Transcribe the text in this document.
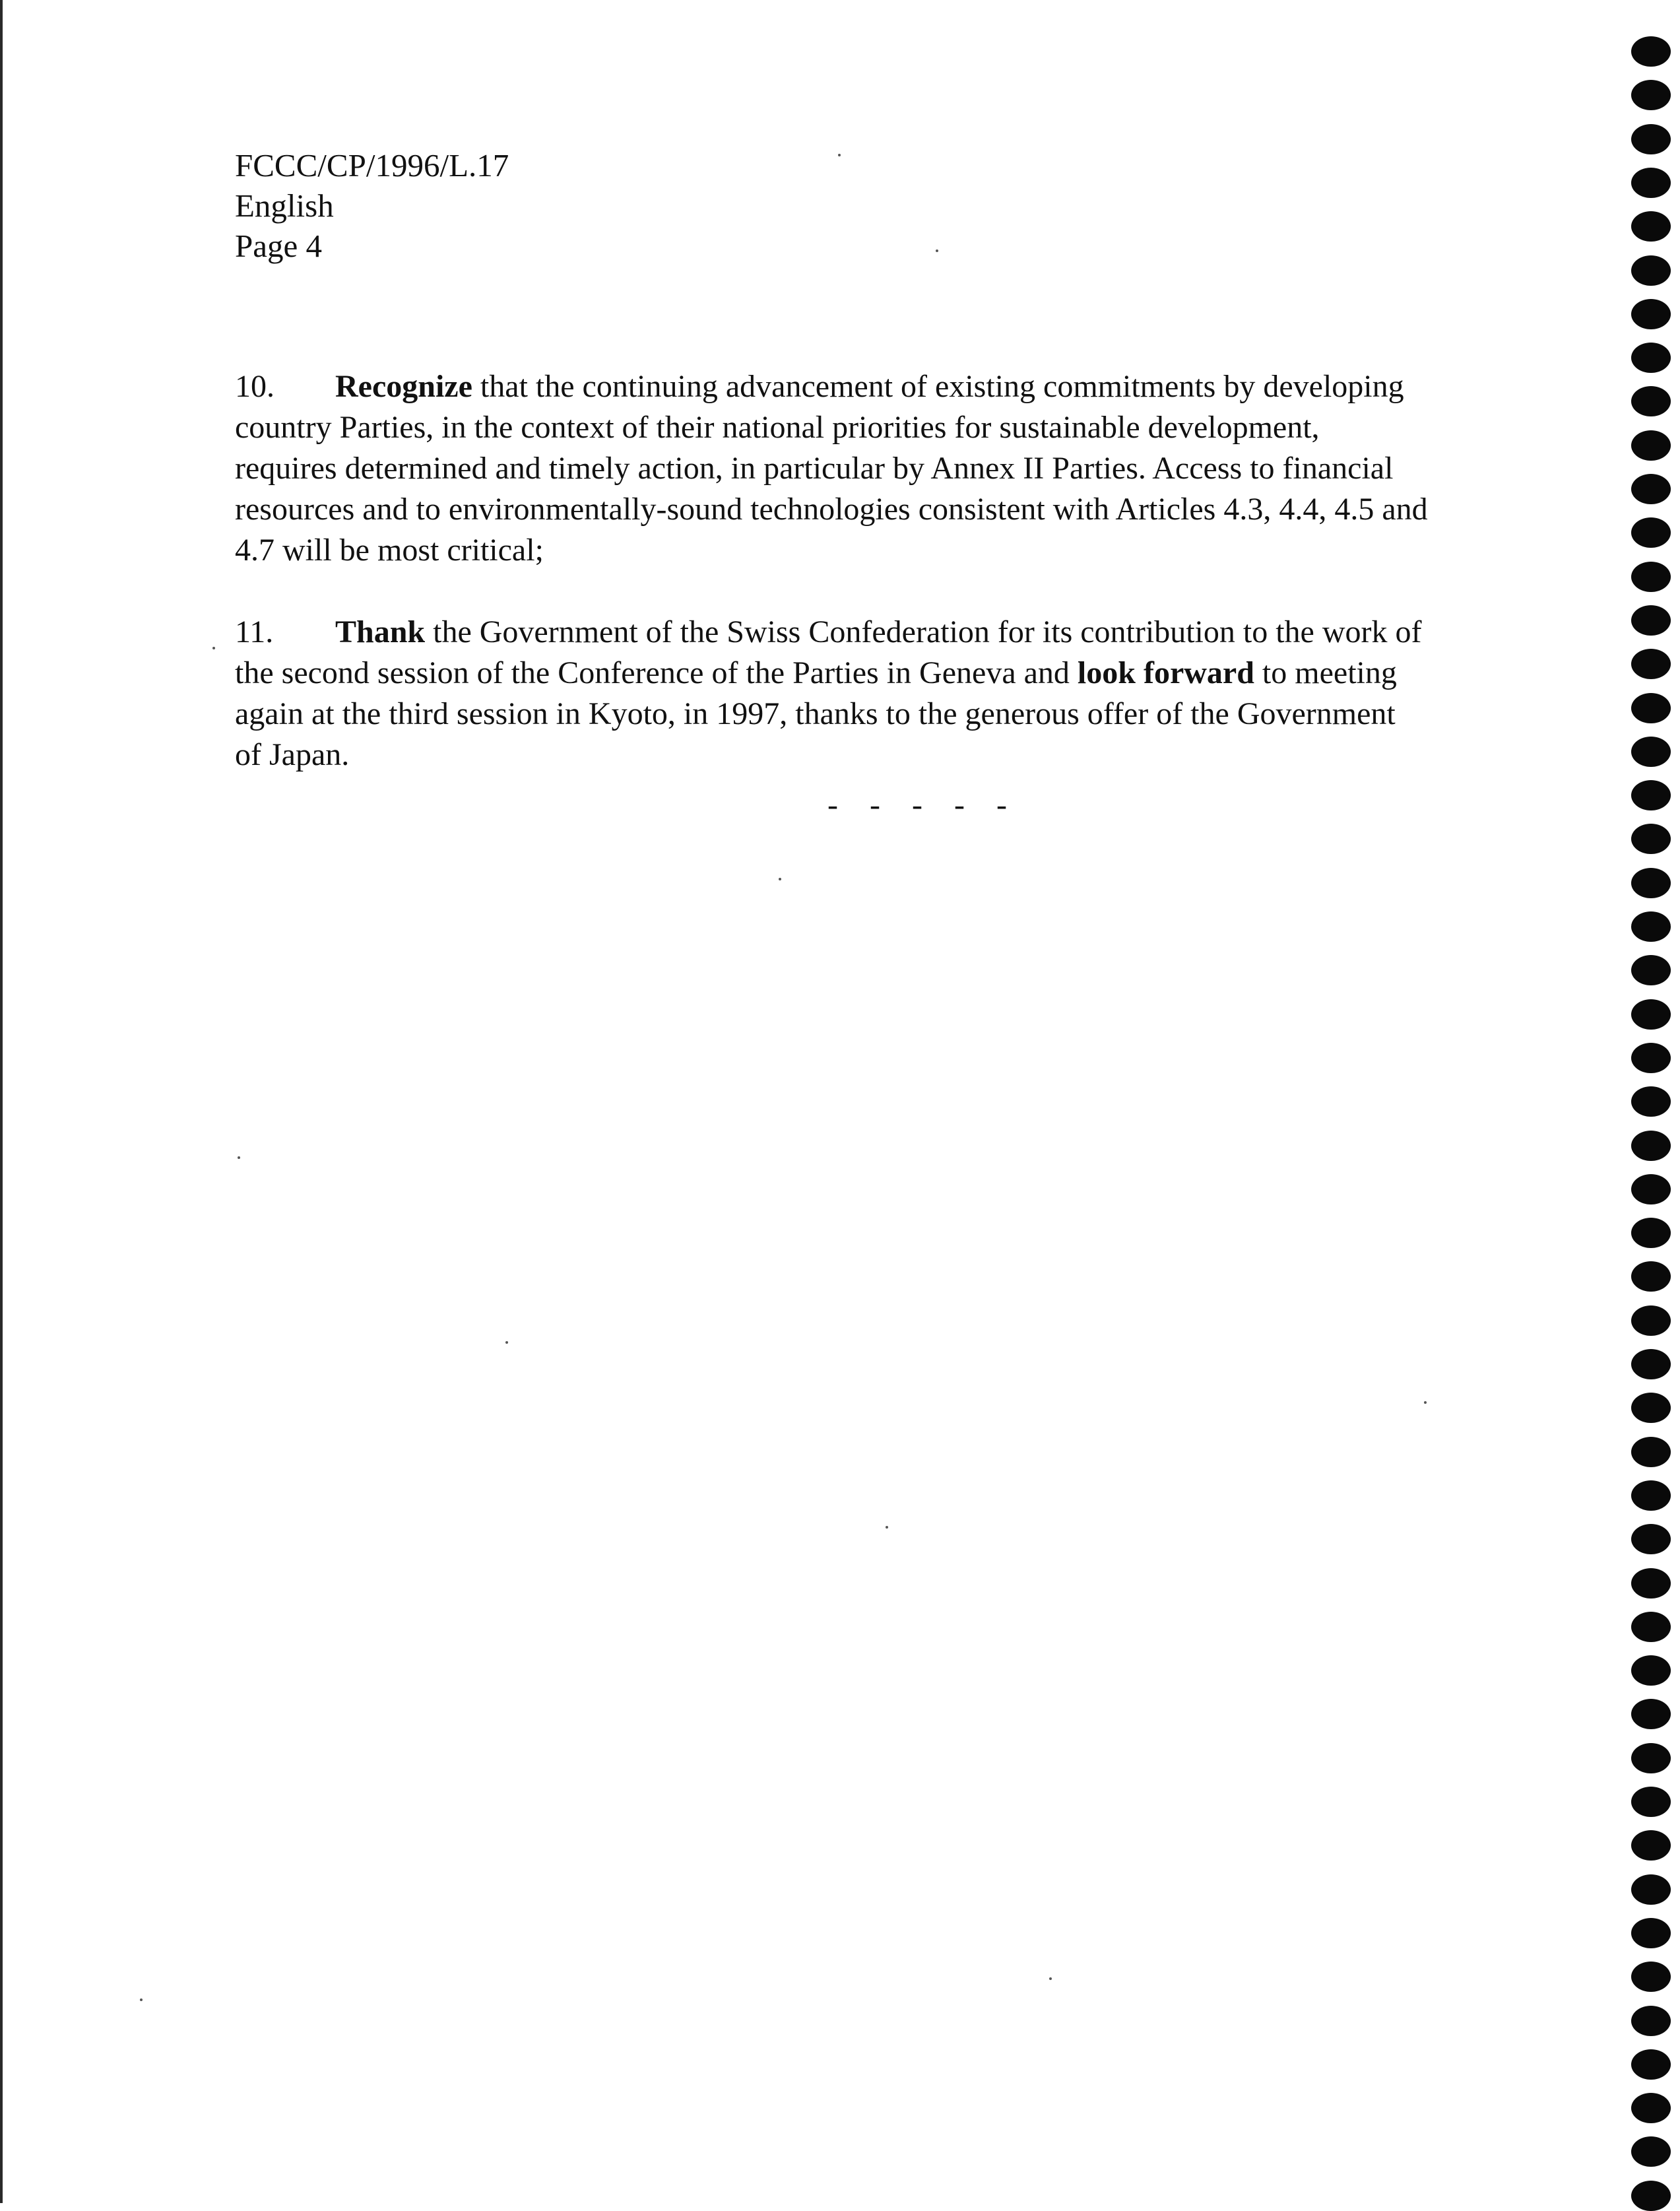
FCCC/CP/1996/L.17
English
Page 4
10. Recognize that the continuing advancement of existing commitments by developing
country Parties, in the context of their national priorities for sustainable development,
requires determined and timely action, in particular by Annex II Parties. Access to financial
resources and to environmentally-sound technologies consistent with Articles 4.3, 4.4, 4.5 and
4.7 will be most critical;
11. Thank the Government of the Swiss Confederation for its contribution to the work of
the second session of the Conference of the Parties in Geneva and look forward to meeting
again at the third session in Kyoto, in 1997, thanks to the generous offer of the Government
of Japan.
- - - - -
